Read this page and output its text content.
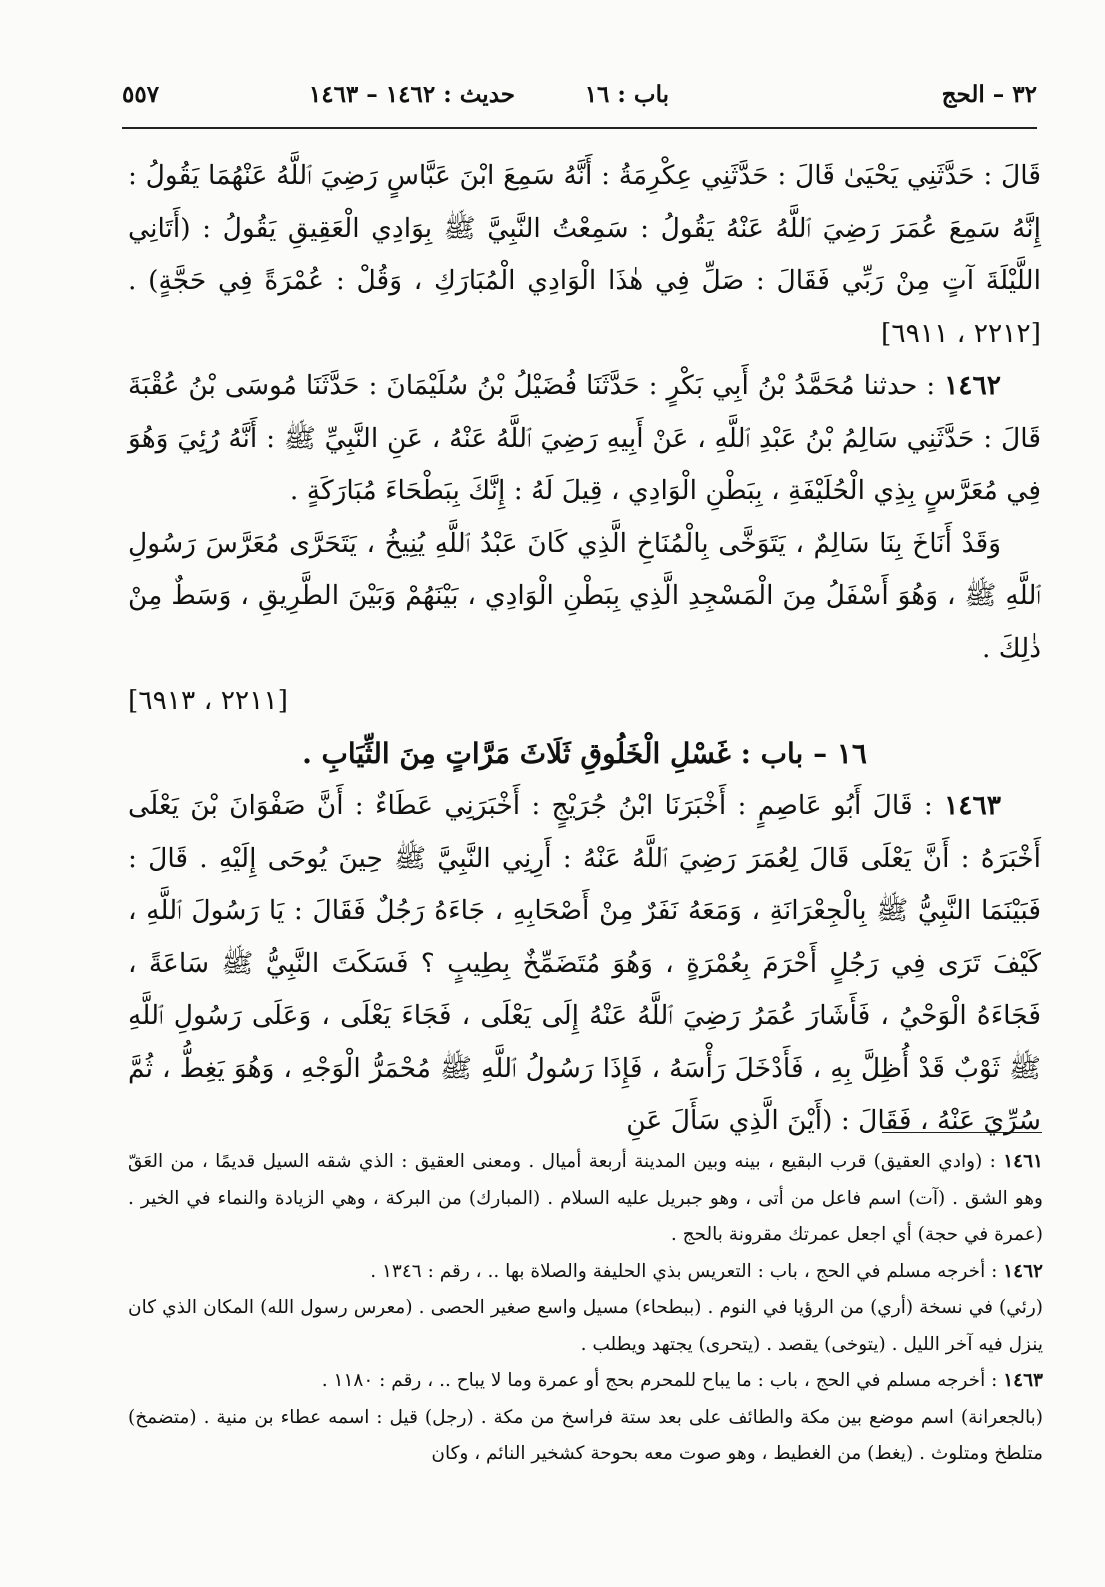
٣٢ – الحج
باب : ١٦
حديث : ١٤٦٢ – ١٤٦٣
٥٥٧

قَالَ : حَدَّثَنِي يَحْيَىٰ قَالَ : حَدَّثَنِي عِكْرِمَةُ : أَنَّهُ سَمِعَ ابْنَ عَبَّاسٍ رَضِيَ ٱللَّهُ عَنْهُمَا يَقُولُ : إِنَّهُ سَمِعَ عُمَرَ رَضِيَ ٱللَّهُ عَنْهُ يَقُولُ : سَمِعْتُ النَّبِيَّ ﷺ بِوَادِي الْعَقِيقِ يَقُولُ : (أَتَانِي اللَّيْلَةَ آتٍ مِنْ رَبِّي فَقَالَ : صَلِّ فِي هٰذَا الْوَادِي الْمُبَارَكِ ، وَقُلْ : عُمْرَةً فِي حَجَّةٍ) . [٢٢١٢ ، ٦٩١١]

١٤٦٢ : حدثنا مُحَمَّدُ بْنُ أَبِي بَكْرٍ : حَدَّثَنَا فُضَيْلُ بْنُ سُلَيْمَانَ : حَدَّثَنَا مُوسَى بْنُ عُقْبَةَ قَالَ : حَدَّثَنِي سَالِمُ بْنُ عَبْدِ ٱللَّهِ ، عَنْ أَبِيهِ رَضِيَ ٱللَّهُ عَنْهُ ، عَنِ النَّبِيِّ ﷺ : أَنَّهُ رُئِيَ وَهُوَ فِي مُعَرَّسٍ بِذِي الْحُلَيْفَةِ ، بِبَطْنِ الْوَادِي ، قِيلَ لَهُ : إِنَّكَ بِبَطْحَاءَ مُبَارَكَةٍ .

وَقَدْ أَنَاخَ بِنَا سَالِمٌ ، يَتَوَخَّى بِالْمُنَاخِ الَّذِي كَانَ عَبْدُ ٱللَّهِ يُنِيخُ ، يَتَحَرَّى مُعَرَّسَ رَسُولِ ٱللَّهِ ﷺ ، وَهُوَ أَسْفَلُ مِنَ الْمَسْجِدِ الَّذِي بِبَطْنِ الْوَادِي ، بَيْنَهُمْ وَبَيْنَ الطَّرِيقِ ، وَسَطٌ مِنْ ذٰلِكَ .

[٢٢١١ ، ٦٩١٣]

١٦ – باب : غَسْلِ الْخَلُوقِ ثَلَاثَ مَرَّاتٍ مِنَ الثِّيَابِ .

١٤٦٣ : قَالَ أَبُو عَاصِمٍ : أَخْبَرَنَا ابْنُ جُرَيْجٍ : أَخْبَرَنِي عَطَاءٌ : أَنَّ صَفْوَانَ بْنَ يَعْلَى أَخْبَرَهُ : أَنَّ يَعْلَى قَالَ لِعُمَرَ رَضِيَ ٱللَّهُ عَنْهُ : أَرِنِي النَّبِيَّ ﷺ حِينَ يُوحَى إِلَيْهِ . قَالَ : فَبَيْنَمَا النَّبِيُّ ﷺ بِالْجِعْرَانَةِ ، وَمَعَهُ نَفَرٌ مِنْ أَصْحَابِهِ ، جَاءَهُ رَجُلٌ فَقَالَ : يَا رَسُولَ ٱللَّهِ ، كَيْفَ تَرَى فِي رَجُلٍ أَحْرَمَ بِعُمْرَةٍ ، وَهُوَ مُتَضَمِّخٌ بِطِيبٍ ؟ فَسَكَتَ النَّبِيُّ ﷺ سَاعَةً ، فَجَاءَهُ الْوَحْيُ ، فَأَشَارَ عُمَرُ رَضِيَ ٱللَّهُ عَنْهُ إِلَى يَعْلَى ، فَجَاءَ يَعْلَى ، وَعَلَى رَسُولِ ٱللَّهِ ﷺ ثَوْبٌ قَدْ أُظِلَّ بِهِ ، فَأَدْخَلَ رَأْسَهُ ، فَإِذَا رَسُولُ ٱللَّهِ ﷺ مُحْمَرُّ الْوَجْهِ ، وَهُوَ يَغِطُّ ، ثُمَّ سُرِّيَ عَنْهُ ، فَقَالَ : (أَيْنَ الَّذِي سَأَلَ عَنِ

١٤٦١ : (وادي العقيق) قرب البقيع ، بينه وبين المدينة أربعة أميال . ومعنى العقيق : الذي شقه السيل قديمًا ، من العَقّ وهو الشق . (آت) اسم فاعل من أتى ، وهو جبريل عليه السلام . (المبارك) من البركة ، وهي الزيادة والنماء في الخير . (عمرة في حجة) أي اجعل عمرتك مقرونة بالحج .

١٤٦٢ : أخرجه مسلم في الحج ، باب : التعريس بذي الحليفة والصلاة بها .. ، رقم : ١٣٤٦ .

(رئي) في نسخة (أري) من الرؤيا في النوم . (ببطحاء) مسيل واسع صغير الحصى . (معرس رسول الله) المكان الذي كان ينزل فيه آخر الليل . (يتوخى) يقصد . (يتحرى) يجتهد ويطلب .

١٤٦٣ : أخرجه مسلم في الحج ، باب : ما يباح للمحرم بحج أو عمرة وما لا يباح .. ، رقم : ١١٨٠ .

(بالجعرانة) اسم موضع بين مكة والطائف على بعد ستة فراسخ من مكة . (رجل) قيل : اسمه عطاء بن منية . (متضمخ) متلطخ ومتلوث . (يغط) من الغطيط ، وهو صوت معه بحوحة كشخير النائم ، وكان
